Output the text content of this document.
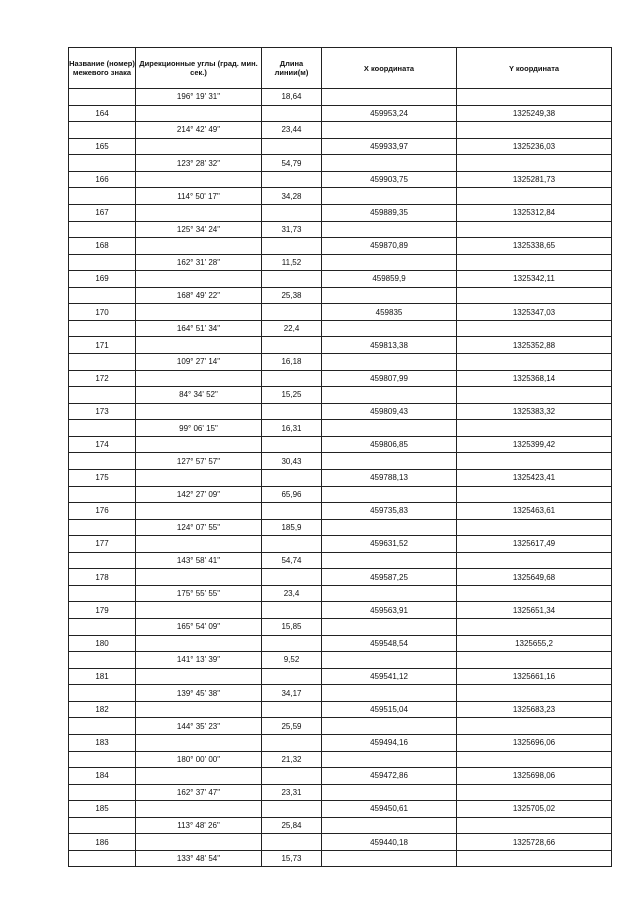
Название (номер) межевого знака	Дирекционные углы (град. мин. сек.)	Длина линии(м)	X координата	Y координата
	196° 19' 31"	18,64		
164			459953,24	1325249,38
	214° 42' 49"	23,44		
165			459933,97	1325236,03
	123° 28' 32"	54,79		
166			459903,75	1325281,73
	114° 50' 17"	34,28		
167			459889,35	1325312,84
	125° 34' 24"	31,73		
168			459870,89	1325338,65
	162° 31' 28"	11,52		
169			459859,9	1325342,11
	168° 49' 22"	25,38		
170			459835	1325347,03
	164° 51' 34"	22,4		
171			459813,38	1325352,88
	109° 27' 14"	16,18		
172			459807,99	1325368,14
	84° 34' 52"	15,25		
173			459809,43	1325383,32
	99° 06' 15"	16,31		
174			459806,85	1325399,42
	127° 57' 57"	30,43		
175			459788,13	1325423,41
	142° 27' 09"	65,96		
176			459735,83	1325463,61
	124° 07' 55"	185,9		
177			459631,52	1325617,49
	143° 58' 41"	54,74		
178			459587,25	1325649,68
	175° 55' 55"	23,4		
179			459563,91	1325651,34
	165° 54' 09"	15,85		
180			459548,54	1325655,2
	141° 13' 39"	9,52		
181			459541,12	1325661,16
	139° 45' 38"	34,17		
182			459515,04	1325683,23
	144° 35' 23"	25,59		
183			459494,16	1325696,06
	180° 00' 00"	21,32		
184			459472,86	1325698,06
	162° 37' 47"	23,31		
185			459450,61	1325705,02
	113° 48' 26"	25,84		
186			459440,18	1325728,66
	133° 48' 54"	15,73		
